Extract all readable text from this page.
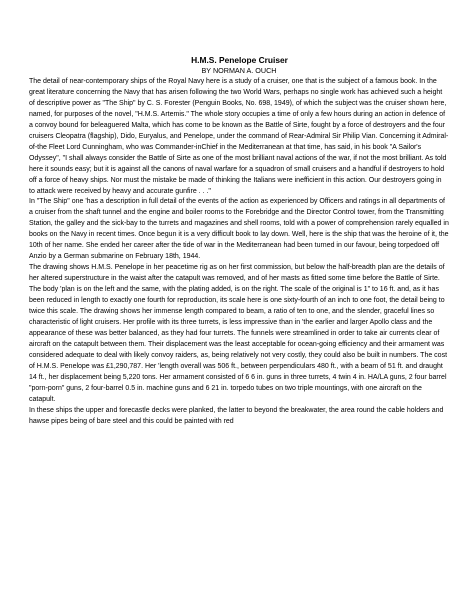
H.M.S. Penelope Cruiser
BY NORMAN A. OUCH

The detail of near-contemporary ships of the Royal Navy here is a study of a cruiser, one that is the subject of a famous book. In the great literature concerning the Navy that has arisen following the two World Wars, perhaps no single work has achieved such a height of descriptive power as "The Ship" by C. S. Forester (Penguin Books, No. 698, 1949), of which the subject was the cruiser shown here, named, for purposes of the novel, "H.M.S. Artemis." The whole story occupies a time of only a few hours during an action in defence of a convoy bound for beleaguered Malta, which has come to be known as the Battle of Sirte, fought by a force of destroyers and the four cruisers Cleopatra (flagship), Dido, Euryalus, and Penelope, under the command of Rear-Admiral Sir Philip Vian. Concerning it Admiral-of-the Fleet Lord Cunningham, who was Commander-inChief in the Mediterranean at that time, has said, in his book "A Sailor's Odyssey", "I shall always consider the Battle of Sirte as one of the most brilliant naval actions of the war, if not the most brilliant. As told here it sounds easy; but it is against all the canons of naval warfare for a squadron of small cruisers and a handful if destroyers to hold off a force of heavy ships. Nor must the mistake be made of thinking the Italians were inefficient in this action. Our destroyers going in to attack were received by heavy and accurate gunfire . . ."

In "The Ship" one 'has a description in full detail of the events of the action as experienced by Officers and ratings in all departments of a cruiser from the shaft tunnel and the engine and boiler rooms to the Forebridge and the Director Control tower, from the Transmitting Station, the galley and the sick-bay to the turrets and magazines and shell rooms, told with a power of comprehension rarely equalled in books on the Navy in recent times. Once begun it is a very difficult book to lay down. Well, here is the ship that was the heroine of it, the 10th of her name. She ended her career after the tide of war in the Mediterranean had been turned in our favour, being torpedoed off Anzio by a German submarine on February 18th, 1944.

The drawing shows H.M.S. Penelope in her peacetime rig as on her first commission, but below the half-breadth plan are the details of her altered superstructure in the waist after the catapult was removed, and of her masts as fitted some time before the Battle of Sirte. The body 'plan is on the left and the same, with the plating added, is on the right. The scale of the original is 1" to 16 ft. and, as it has been reduced in length to exactly one fourth for reproduction, its scale here is one sixty-fourth of an inch to one foot, the detail being to twice this scale. The drawing shows her immense length compared to beam, a ratio of ten to one, and the slender, graceful lines so characteristic of light cruisers. Her profile with its three turrets, is less impressive than in 'the earlier and larger Apollo class and the appearance of these was better balanced, as they had four turrets. The funnels were streamlined in order to take air currents clear of aircraft on the catapult between them. Their displacement was the least acceptable for ocean-going efficiency and their armament was considered adequate to deal with likely convoy raiders, as, being relatively not very costly, they could also be built in numbers. The cost of H.M.S. Penelope was £1,290,787. Her 'length overall was 506 ft., between perpendiculars 480 ft., with a beam of 51 ft. and draught 14 ft., her displacement being 5,220 tons. Her armament consisted of 6 6 in. guns in three turrets, 4 twin 4 in. HA/LA guns, 2 four barrel "porn-porn" guns, 2 four-barrel 0.5 in. machine guns and 6 21 in. torpedo tubes on two triple mountings, with one aircraft on the catapult.

In these ships the upper and forecastle decks were planked, the latter to beyond the breakwater, the area round the cable holders and hawse pipes being of bare steel and this could be painted with red
